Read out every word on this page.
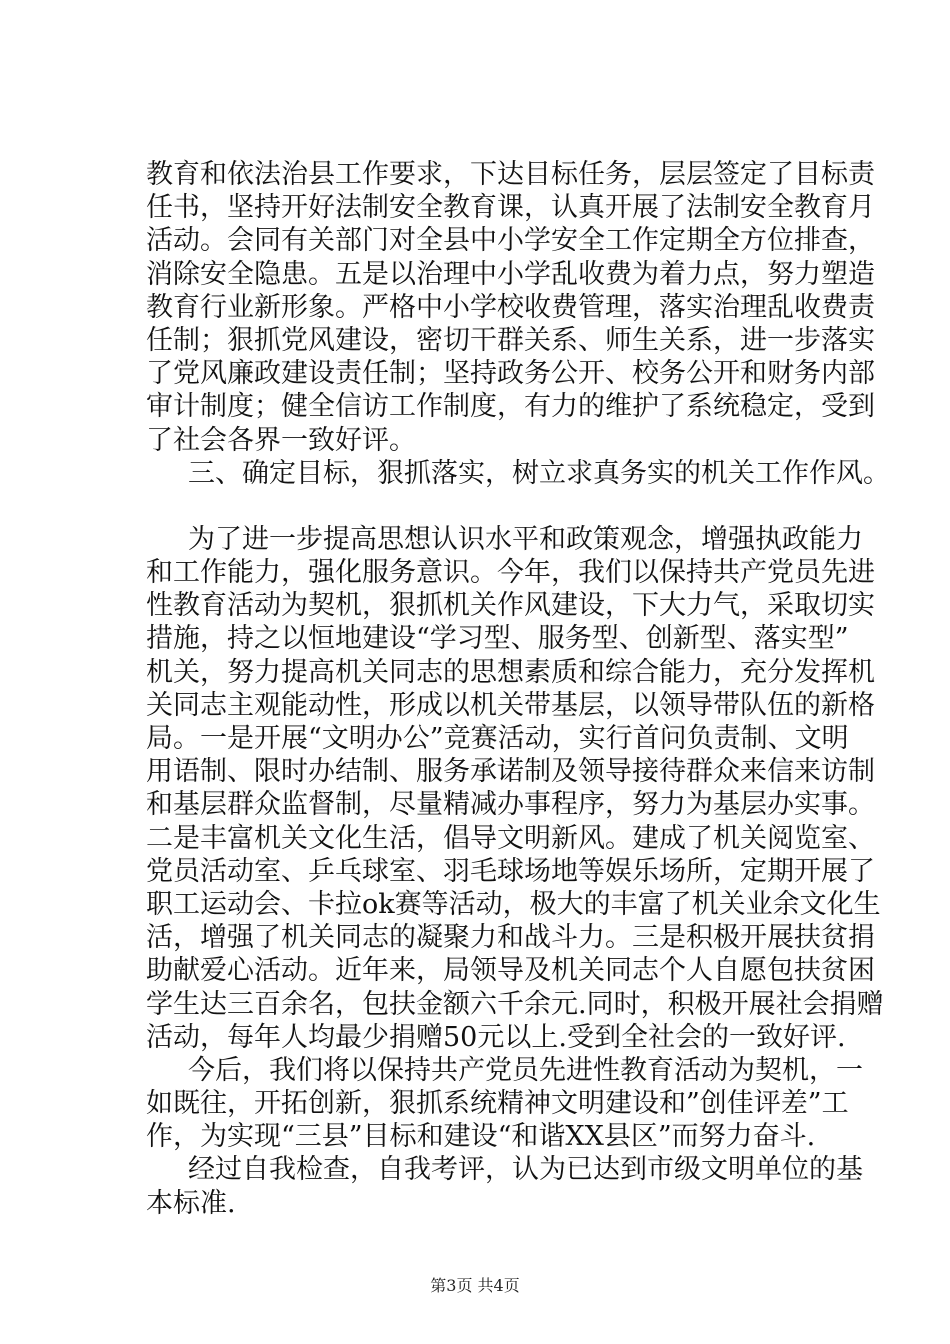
教育和依法治县工作要求，下达目标任务，层层签定了目标责
任书，坚持开好法制安全教育课，认真开展了法制安全教育月
活动。会同有关部门对全县中小学安全工作定期全方位排查，
消除安全隐患。五是以治理中小学乱收费为着力点，努力塑造
教育行业新形象。严格中小学校收费管理，落实治理乱收费责
任制；狠抓党风建设，密切干群关系、师生关系，进一步落实
了党风廉政建设责任制；坚持政务公开、校务公开和财务内部
审计制度；健全信访工作制度，有力的维护了系统稳定，受到
了社会各界一致好评。
三、确定目标，狠抓落实，树立求真务实的机关工作作风。
为了进一步提高思想认识水平和政策观念，增强执政能力
和工作能力，强化服务意识。今年，我们以保持共产党员先进
性教育活动为契机，狠抓机关作风建设，下大力气，采取切实
措施，持之以恒地建设“学习型、服务型、创新型、落实型”
机关，努力提高机关同志的思想素质和综合能力，充分发挥机
关同志主观能动性，形成以机关带基层，以领导带队伍的新格
局。一是开展“文明办公”竞赛活动，实行首问负责制、文明
用语制、限时办结制、服务承诺制及领导接待群众来信来访制
和基层群众监督制，尽量精减办事程序，努力为基层办实事。
二是丰富机关文化生活，倡导文明新风。建成了机关阅览室、
党员活动室、乒乓球室、羽毛球场地等娱乐场所，定期开展了
职工运动会、卡拉ok赛等活动，极大的丰富了机关业余文化生
活，增强了机关同志的凝聚力和战斗力。三是积极开展扶贫捐
助献爱心活动。近年来，局领导及机关同志个人自愿包扶贫困
学生达三百余名，包扶金额六千余元.同时，积极开展社会捐赠
活动，每年人均最少捐赠50元以上.受到全社会的一致好评.
今后，我们将以保持共产党员先进性教育活动为契机，一
如既往，开拓创新，狠抓系统精神文明建设和”创佳评差”工
作，为实现“三县”目标和建设“和谐XX县区”而努力奋斗.
经过自我检查，自我考评，认为已达到市级文明单位的基
本标准.
第3页 共4页
